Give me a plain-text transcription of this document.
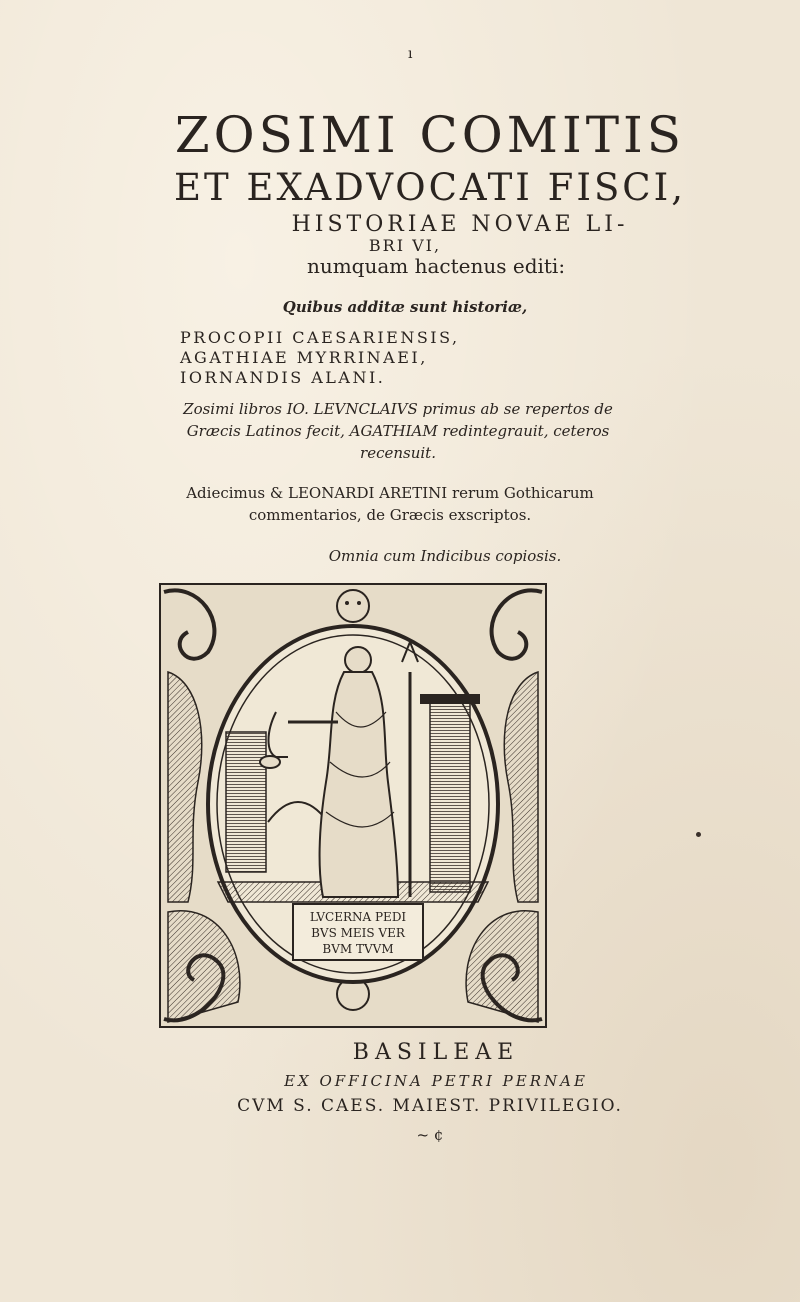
ı
ZOSIMI COMITIS
ET EXADVOCATI FISCI,
HISTORIAE NOVAE LI-
BRI VI,
numquam hactenus editi:
Quibus additæ sunt historiæ,
PROCOPII CAESARIENSIS,
AGATHIAE MYRRINAEI,
IORNANDIS ALANI.
Zosimi libros IO. LEVNCLAIVS primus ab se repertos de Græcis Latinos fecit, AGATHIAM redintegrauit, ceteros recensuit.
Adiecimus & LEONARDI ARETINI rerum Gothicarum commentarios, de Græcis exscriptos.
Omnia cum Indicibus copiosis.
LVCERNA PEDI
BVS MEIS VER
BVM TVVM
BASILEAE
EX OFFICINA PETRI PERNAE
CVM S. CAES. MAIEST. PRIVILEGIO.
~ ¢
